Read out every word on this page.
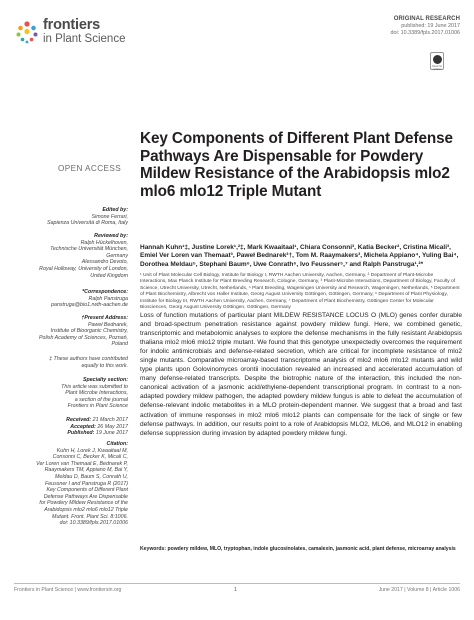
frontiers
in Plant Science
ORIGINAL RESEARCH
published: 19 June 2017
doi: 10.3389/fpls.2017.01006
check for updates
Key Components of Different Plant Defense Pathways Are Dispensable for Powdery Mildew Resistance of the Arabidopsis mlo2 mlo6 mlo12 Triple Mutant
OPEN ACCESS
Edited by:
Simone Ferrari,
Sapienza Università di Roma, Italy
Reviewed by:
Ralph Hückelhoven,
Technische Universität München,
Germany
Alessandro Devoto,
Royal Holloway, University of London,
United Kingdom
*Correspondence:
Ralph Panstruga
panstruga@bio1.rwth-aachen.de
†Present Address:
Paweł Bednarek,
Institute of Bioorganic Chemistry,
Polish Academy of Sciences, Poznań,
Poland
‡ These authors have contributed
equally to this work.
Specialty section:
This article was submitted to
Plant Microbe Interactions,
a section of the journal
Frontiers in Plant Science
Received: 21 March 2017
Accepted: 26 May 2017
Published: 19 June 2017
Citation:
Kuhn H, Lorek J, Kwaaitaal M,
Consonni C, Becker K, Micali C,
Ver Loren van Themaat E, Bednarek P,
Raaymakers TM, Appiano M, Bai Y,
Meldau D, Baum S, Conrath U,
Feussner I and Panstruga R (2017)
Key Components of Different Plant
Defense Pathways Are Dispensable
for Powdery Mildew Resistance of the
Arabidopsis mlo2 mlo6 mlo12 Triple
Mutant. Front. Plant Sci. 8:1006.
doi: 10.3389/fpls.2017.01006
Hannah Kuhn¹‡, Justine Lorek¹,²‡, Mark Kwaaitaal¹, Chiara Consonni³, Katia Becker², Cristina Micali³, Emiel Ver Loren van Themaat³, Paweł Bednarek³†, Tom M. Raaymakers³, Michela Appiano⁴, Yuling Bai⁴, Dorothea Meldau⁵, Stephani Baum⁶, Uwe Conrath⁶, Ivo Feussner⁵,⁷ and Ralph Panstruga¹,²*
¹ Unit of Plant Molecular Cell Biology, Institute for Biology I, RWTH Aachen University, Aachen, Germany, ² Department of Plant-Microbe Interactions, Max Planck Institute for Plant Breeding Research, Cologne, Germany, ³ Plant-Microbe Interactions, Department of Biology, Faculty of Science, Utrecht University, Utrecht, Netherlands, ⁴ Plant Breeding, Wageningen University and Research, Wageningen, Netherlands, ⁵ Department of Plant Biochemistry, Albrecht von Haller Institute, Georg August University Göttingen, Göttingen, Germany, ⁶ Department of Plant Physiology, Institute for Biology III, RWTH Aachen University, Aachen, Germany, ⁷ Department of Plant Biochemistry, Göttingen Center for Molecular Biosciences, Georg August University Göttingen, Göttingen, Germany

Loss of function mutations of particular plant MILDEW RESISTANCE LOCUS O (MLO) genes confer durable and broad-spectrum penetration resistance against powdery mildew fungi. Here, we combined genetic, transcriptomic and metabolomic analyses to explore the defense mechanisms in the fully resistant Arabidopsis thaliana mlo2 mlo6 mlo12 triple mutant. We found that this genotype unexpectedly overcomes the requirement for indolic antimicrobials and defense-related secretion, which are critical for incomplete resistance of mlo2 single mutants. Comparative microarray-based transcriptome analysis of mlo2 mlo6 mlo12 mutants and wild type plants upon Golovinomyces orontii inoculation revealed an increased and accelerated accumulation of many defense-related transcripts. Despite the biotrophic nature of the interaction, this included the non-canonical activation of a jasmonic acid/ethylene-dependent transcriptional program. In contrast to a non-adapted powdery mildew pathogen, the adapted powdery mildew fungus is able to defeat the accumulation of defense-relevant indolic metabolites in a MLO protein-dependent manner. We suggest that a broad and fast activation of immune responses in mlo2 mlo6 mlo12 plants can compensate for the lack of single or few defense pathways. In addition, our results point to a role of Arabidopsis MLO2, MLO6, and MLO12 in enabling defense suppression during invasion by adapted powdery mildew fungi.

Keywords: powdery mildew, MLO, tryptophan, indole glucosinolates, camalexin, jasmonic acid, plant defense, microarray analysis
Frontiers in Plant Science | www.frontiersin.org	1	June 2017 | Volume 8 | Article 1006
